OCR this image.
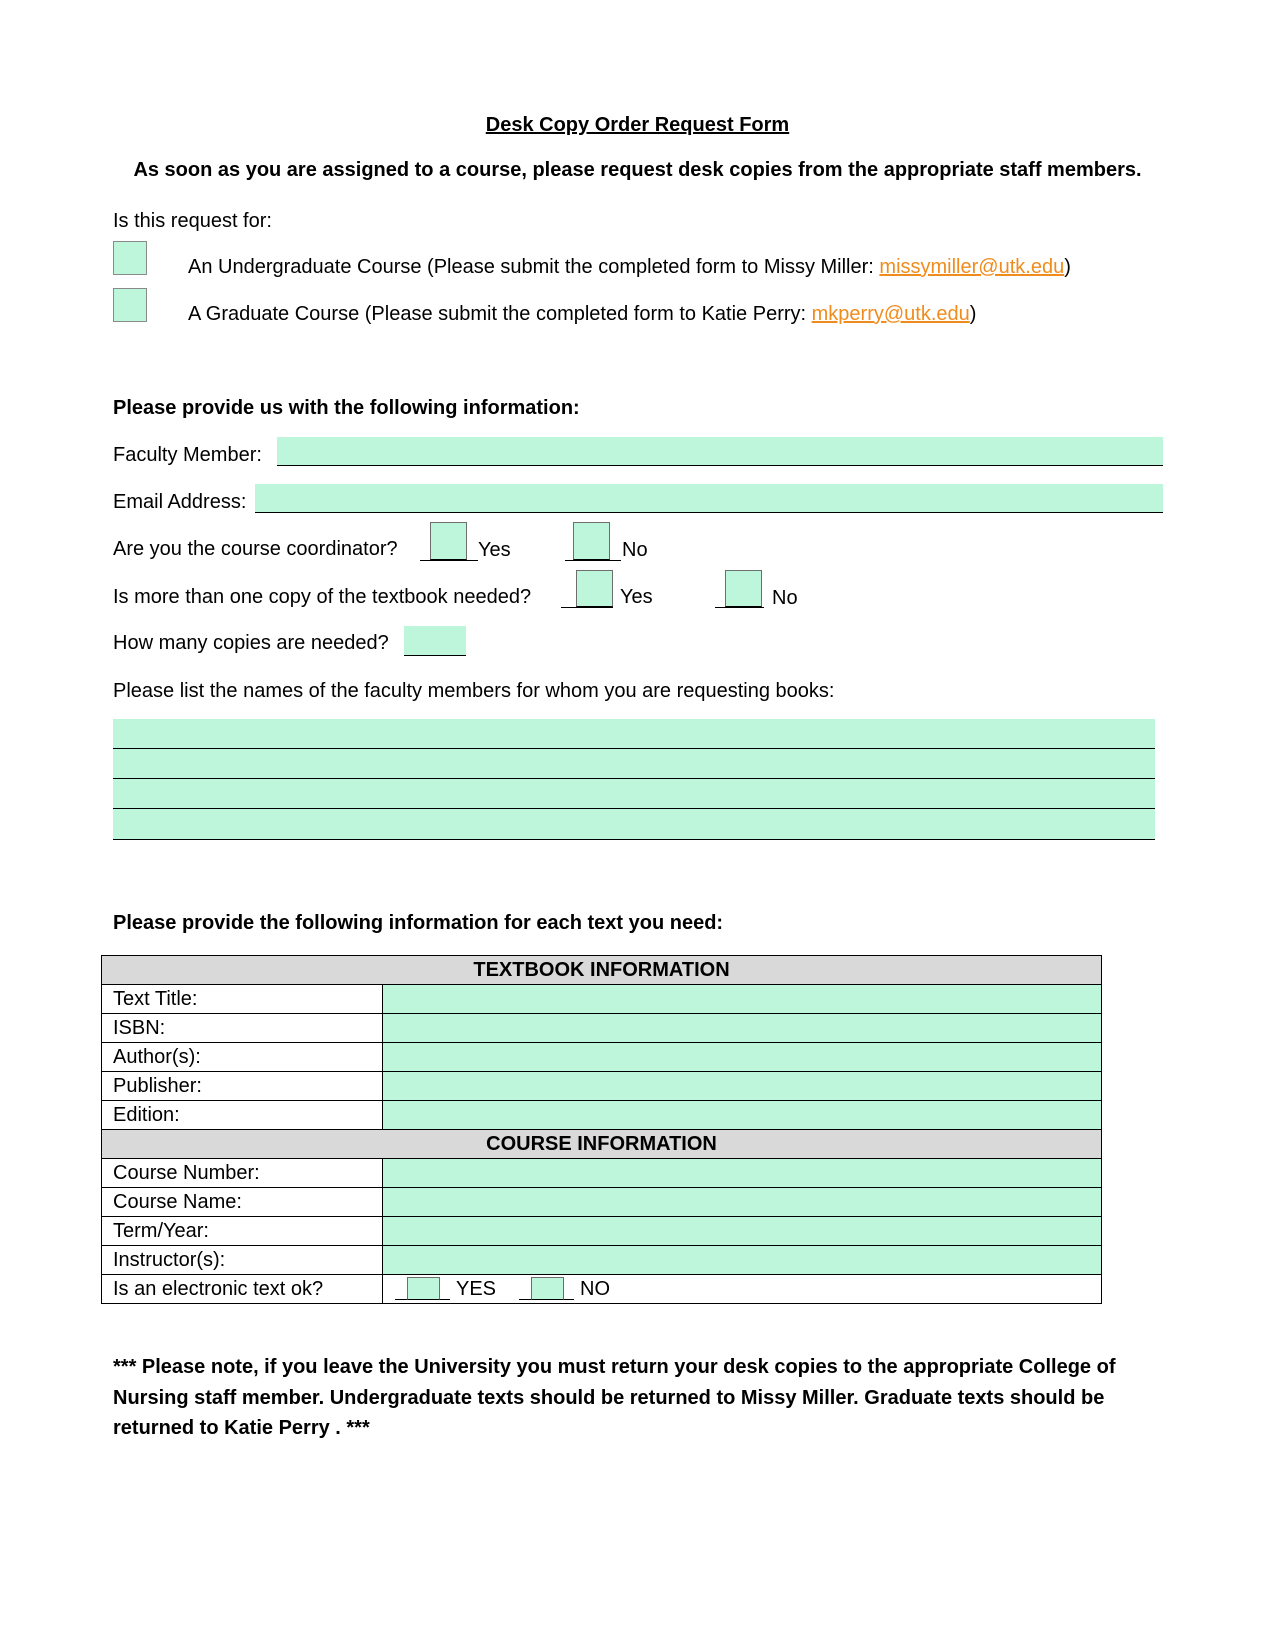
Desk Copy Order Request Form
As soon as you are assigned to a course, please request desk copies from the appropriate staff members.
Is this request for:
An Undergraduate Course (Please submit the completed form to Missy Miller: missymiller@utk.edu)
A Graduate Course (Please submit the completed form to Katie Perry: mkperry@utk.edu)
Please provide us with the following information:
Faculty Member:
Email Address:
Are you the course coordinator?	Yes	No
Is more than one copy of the textbook needed?	Yes	No
How many copies are needed?
Please list the names of the faculty members for whom you are requesting books:
Please provide the following information for each text you need:
TEXTBOOK INFORMATION	
Text Title:	
ISBN:	
Author(s):	
Publisher:	
Edition:	
COURSE INFORMATION	
Course Number:	
Course Name:	
Term/Year:	
Instructor(s):	
Is an electronic text ok?	YES NO
*** Please note, if you leave the University you must return your desk copies to the appropriate College of Nursing staff member. Undergraduate texts should be returned to Missy Miller. Graduate texts should be returned to Katie Perry . ***
